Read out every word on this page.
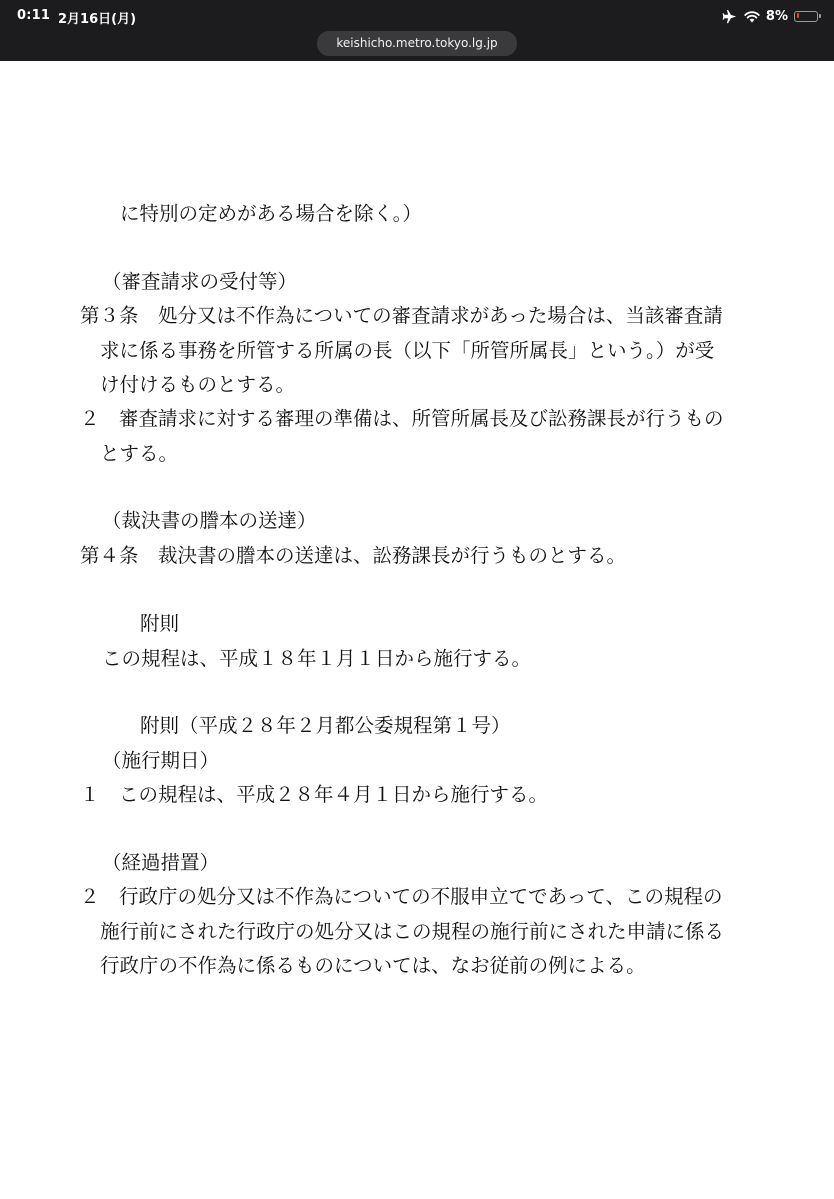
0:11 2月16日(月)	8%
keishicho.metro.tokyo.lg.jp
に特別の定めがある場合を除く。）
（審査請求の受付等）
第３条　処分又は不作為についての審査請求があった場合は、当該審査請
求に係る事務を所管する所属の長（以下「所管所属長」という。）が受
け付けるものとする。
２　審査請求に対する審理の準備は、所管所属長及び訟務課長が行うもの
とする。
（裁決書の謄本の送達）
第４条　裁決書の謄本の送達は、訟務課長が行うものとする。
附則
この規程は、平成１８年１月１日から施行する。
附則（平成２８年２月都公委規程第１号）
（施行期日）
１　この規程は、平成２８年４月１日から施行する。
（経過措置）
２　行政庁の処分又は不作為についての不服申立てであって、この規程の
施行前にされた行政庁の処分又はこの規程の施行前にされた申請に係る
行政庁の不作為に係るものについては、なお従前の例による。
